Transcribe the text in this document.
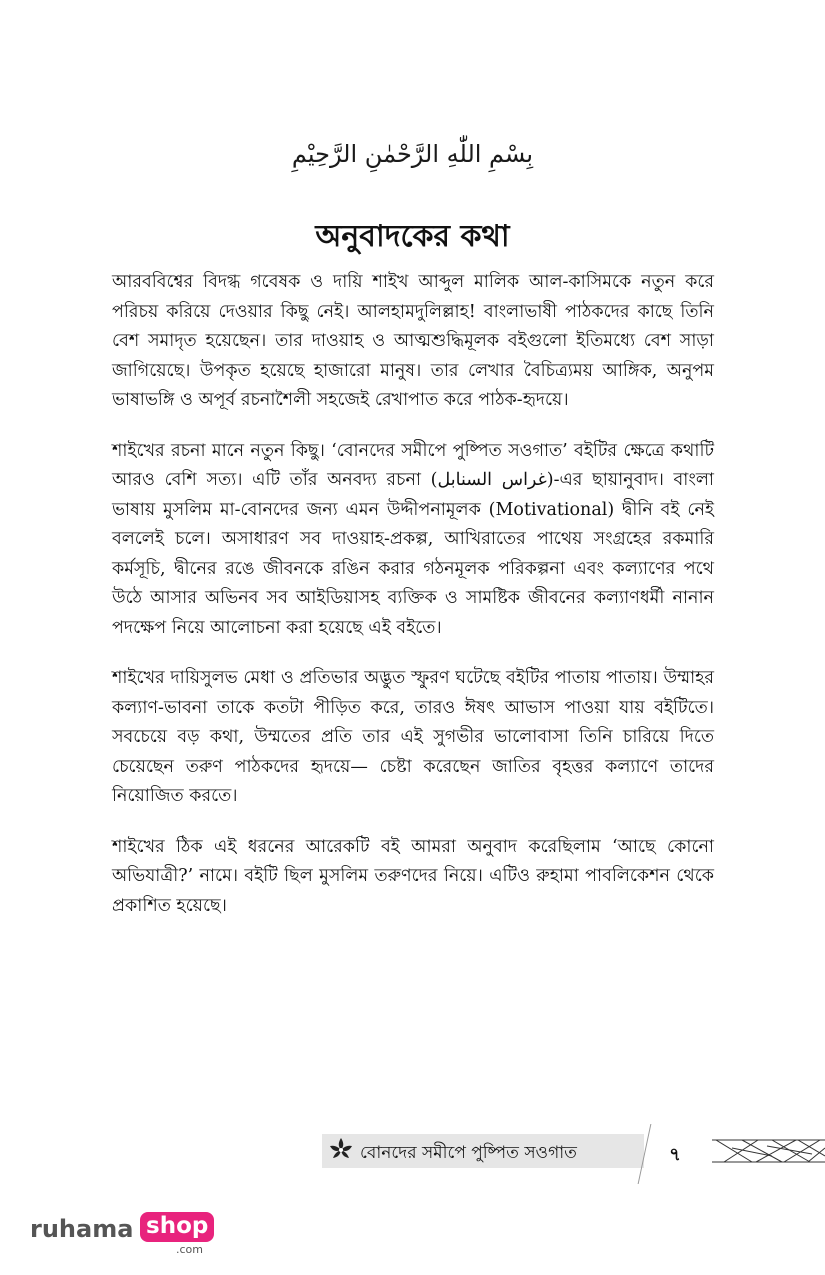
بِسْمِ اللّٰهِ الرَّحْمٰنِ الرَّحِيْمِ
অনুবাদকের কথা

আরববিশ্বের বিদগ্ধ গবেষক ও দায়ি শাইখ আব্দুল মালিক আল-কাসিমকে নতুন করে পরিচয় করিয়ে দেওয়ার কিছু নেই। আলহামদুলিল্লাহ! বাংলাভাষী পাঠকদের কাছে তিনি বেশ সমাদৃত হয়েছেন। তার দাওয়াহ ও আত্মশুদ্ধিমূলক বইগুলো ইতিমধ্যে বেশ সাড়া জাগিয়েছে। উপকৃত হয়েছে হাজারো মানুষ। তার লেখার বৈচিত্র্যময় আঙ্গিক, অনুপম ভাষাভঙ্গি ও অপূর্ব রচনাশৈলী সহজেই রেখাপাত করে পাঠক-হৃদয়ে।

শাইখের রচনা মানে নতুন কিছু। ‘বোনদের সমীপে পুষ্পিত সওগাত’ বইটির ক্ষেত্রে কথাটি আরও বেশি সত্য। এটি তাঁর অনবদ্য রচনা (غراس السنابل)-এর ছায়ানুবাদ। বাংলা ভাষায় মুসলিম মা-বোনদের জন্য এমন উদ্দীপনামূলক (Motivational) দ্বীনি বই নেই বললেই চলে। অসাধারণ সব দাওয়াহ-প্রকল্প, আখিরাতের পাথেয় সংগ্রহের রকমারি কর্মসূচি, দ্বীনের রঙে জীবনকে রঙিন করার গঠনমূলক পরিকল্পনা এবং কল্যাণের পথে উঠে আসার অভিনব সব আইডিয়াসহ ব্যক্তিক ও সামষ্টিক জীবনের কল্যাণধর্মী নানান পদক্ষেপ নিয়ে আলোচনা করা হয়েছে এই বইতে।

শাইখের দায়িসুলভ মেধা ও প্রতিভার অদ্ভুত স্ফুরণ ঘটেছে বইটির পাতায় পাতায়। উম্মাহর কল্যাণ-ভাবনা তাকে কতটা পীড়িত করে, তারও ঈষৎ আভাস পাওয়া যায় বইটিতে। সবচেয়ে বড় কথা, উম্মতের প্রতি তার এই সুগভীর ভালোবাসা তিনি চারিয়ে দিতে চেয়েছেন তরুণ পাঠকদের হৃদয়ে— চেষ্টা করেছেন জাতির বৃহত্তর কল্যাণে তাদের নিয়োজিত করতে।

শাইখের ঠিক এই ধরনের আরেকটি বই আমরা অনুবাদ করেছিলাম ‘আছে কোনো অভিযাত্রী?’ নামে। বইটি ছিল মুসলিম তরুণদের নিয়ে। এটিও রুহামা পাবলিকেশন থেকে প্রকাশিত হয়েছে।

বোনদের সমীপে পুষ্পিত সওগাত	৭
ruhama shop
.com
